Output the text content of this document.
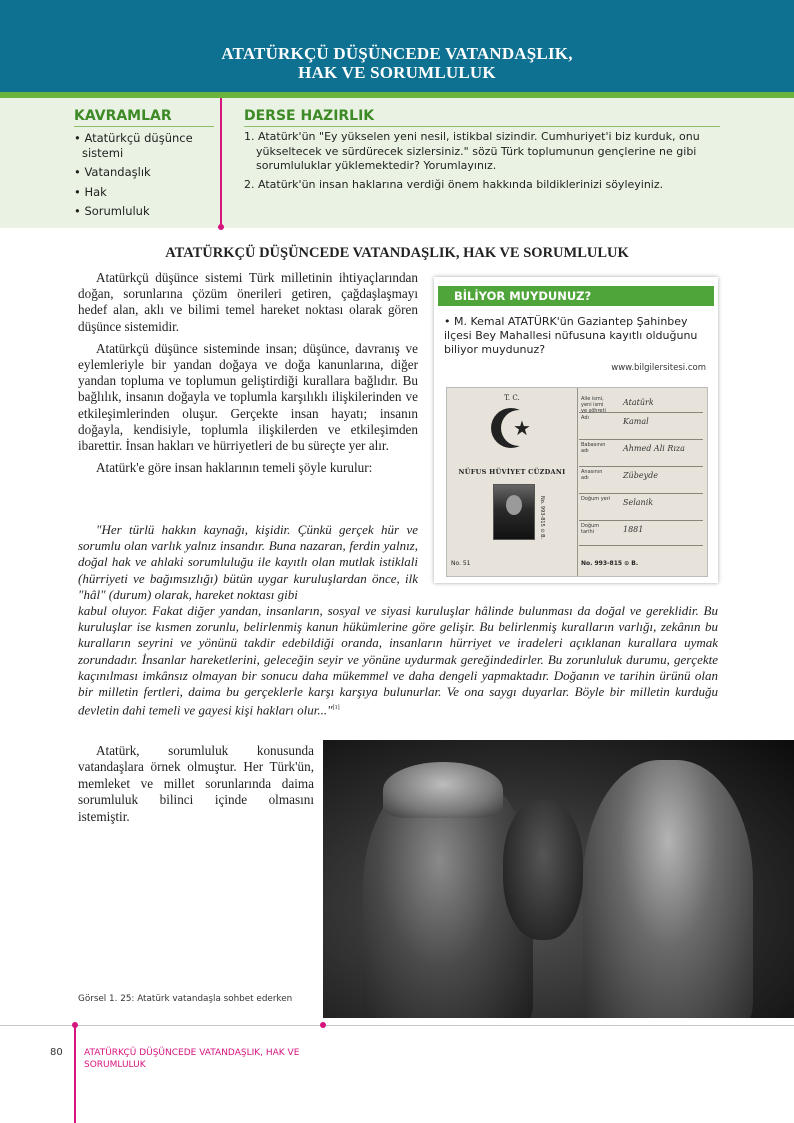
ATATÜRKÇÜ DÜŞÜNCEDE VATANDAŞLIK,
HAK VE SORUMLULUK
KAVRAMLAR
• Atatürkçü düşünce sistemi
• Vatandaşlık
• Hak
• Sorumluluk
DERSE HAZIRLIK
1. Atatürk'ün "Ey yükselen yeni nesil, istikbal sizindir. Cumhuriyet'i biz kurduk, onu yükseltecek ve sürdürecek sizlersiniz." sözü Türk toplumunun gençlerine ne gibi sorumluluklar yüklemektedir? Yorumlayınız.
2. Atatürk'ün insan haklarına verdiği önem hakkında bildiklerinizi söyleyiniz.
ATATÜRKÇÜ DÜŞÜNCEDE VATANDAŞLIK, HAK VE SORUMLULUK

Atatürkçü düşünce sistemi Türk milletinin ihtiyaçlarından doğan, sorunlarına çözüm önerileri getiren, çağdaşlaşmayı hedef alan, aklı ve bilimi temel hareket noktası olarak gören düşünce sistemidir.

Atatürkçü düşünce sisteminde insan; düşünce, davranış ve eylemleriyle bir yandan doğaya ve doğa kanunlarına, diğer yandan topluma ve toplumun geliştirdiği kurallara bağlıdır. Bu bağlılık, insanın doğayla ve toplumla karşılıklı ilişkilerinden ve etkileşimlerinden oluşur. Gerçekte insan hayatı; insanın doğayla, kendisiyle, toplumla ilişkilerden ve etkileşimden ibarettir. İnsan hakları ve hürriyetleri de bu süreçte yer alır.

Atatürk'e göre insan haklarının temeli şöyle kurulur:

"Her türlü hakkın kaynağı, kişidir. Çünkü gerçek hür ve sorumlu olan varlık yalnız insandır. Buna nazaran, ferdin yalnız, doğal hak ve ahlaki sorumluluğu ile kayıtlı olan mutlak istiklali (hürriyeti ve bağımsızlığı) bütün uygar kuruluşlardan önce, ilk "hâl" (durum) olarak, hareket noktası gibi
kabul oluyor. Fakat diğer yandan, insanların, sosyal ve siyasi kuruluşlar hâlinde bulunması da doğal ve gereklidir. Bu kuruluşlar ise kısmen zorunlu, belirlenmiş kanun hükümlerine göre gelişir. Bu belirlenmiş kuralların varlığı, zekânın bu kuralların seyrini ve yönünü takdir edebildiği oranda, insanların hürriyet ve iradeleri açıklanan kurallara uymak zorundadır. İnsanlar hareketlerini, geleceğin seyir ve yönüne uydurmak gereğindedirler. Bu zorunluluk durumu, gerçekte kaçınılması imkânsız olmayan bir sonucu daha mükemmel ve daha dengeli yapmaktadır. Doğanın ve tarihin ürünü olan bir milletin fertleri, daima bu gerçeklerle karşı karşıya bulunurlar. Ve ona saygı duyarlar. Böyle bir milletin kurduğu devletin dahi temeli ve gayesi kişi hakları olur..."[1]
BİLİYOR MUYDUNUZ?
• M. Kemal ATATÜRK'ün Gaziantep Şahinbey ilçesi Bey Mahallesi nüfusuna kayıtlı olduğunu biliyor muydunuz?
www.bilgilersitesi.com
T. C.
★
NÜFUS HÜVİYET CÜZDANI
No. 51
No. 993-815 ⊙ B.
Aile ismi, yeni ismi ve şöhreti
Atatürk
Adı	Kamal
Babasının adı	Ahmed Ali Rıza
Anasının adı	Zübeyde
Doğum yeri Selanik
Doğum tarihi	1881
No. 993-815 ⊙ B.
Atatürk, sorumluluk konusunda vatandaşlara örnek olmuştur. Her Türk'ün, memleket ve millet sorunlarında daima sorumluluk bilinci içinde olmasını istemiştir.
Görsel 1. 25: Atatürk vatandaşla sohbet ederken
80 ATATÜRKÇÜ DÜŞÜNCEDE VATANDAŞLIK, HAK VE SORUMLULUK
